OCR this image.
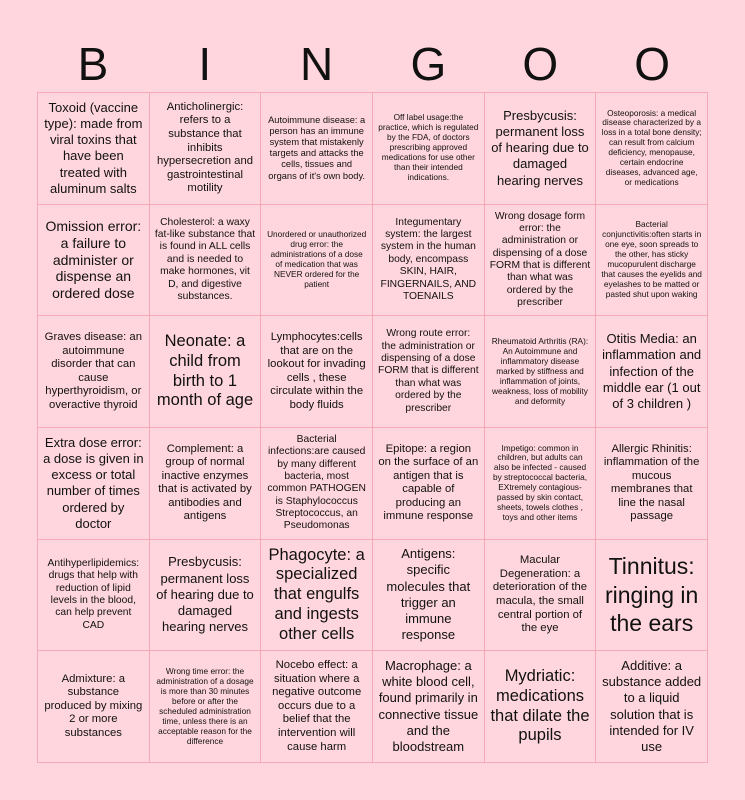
B	I	N	G	O	O
Toxoid (vaccine type): made from viral toxins that have been treated with aluminum salts
Anticholinergic: refers to a substance that inhibits hypersecretion and gastrointestinal motility
Autoimmune disease: a person has an immune system that mistakenly targets and attacks the cells, tissues and organs of it's own body.
Off label usage:the practice, which is regulated by the FDA, of doctors prescribing approved medications for use other than their intended indications.
Presbycusis: permanent loss of hearing due to damaged hearing nerves
Osteoporosis: a medical disease characterized by a loss in a total bone density; can result from calcium deficiency, menopause, certain endocrine diseases, advanced age, or medications
Omission error: a failure to administer or dispense an ordered dose
Cholesterol: a waxy fat-like substance that is found in ALL cells and is needed to make hormones, vit D, and digestive substances.
Unordered or unauthorized drug error: the administrations of a dose of medication that was NEVER ordered for the patient
Integumentary system: the largest system in the human body, encompass SKIN, HAIR, FINGERNAILS, AND TOENAILS
Wrong dosage form error: the administration or dispensing of a dose FORM that is different than what was ordered by the prescriber
Bacterial conjunctivitis:often starts in one eye, soon spreads to the other, has sticky mucopurulent discharge that causes the eyelids and eyelashes to be matted or pasted shut upon waking
Graves disease: an autoimmune disorder that can cause hyperthyroidism, or overactive thyroid
Neonate: a child from birth to 1 month of age
Lymphocytes:cells that are on the lookout for invading cells , these circulate within the body fluids
Wrong route error: the administration or dispensing of a dose FORM that is different than what was ordered by the prescriber
Rheumatoid Arthritis (RA): An Autoimmune and inflammatory disease marked by stiffness and inflammation of joints, weakness, loss of mobility and deformity
Otitis Media: an inflammation and infection of the middle ear (1 out of 3 children )
Extra dose error: a dose is given in excess or total number of times ordered by doctor
Complement: a group of normal inactive enzymes that is activated by antibodies and antigens
Bacterial infections:are caused by many different bacteria, most common PATHOGEN is Staphylococcus Streptococcus, an Pseudomonas
Epitope: a region on the surface of an antigen that is capable of producing an immune response
Impetigo: common in children, but adults can also be infected - caused by streptococcal bacteria, EXtremely contagious- passed by skin contact, sheets, towels clothes , toys and other items
Allergic Rhinitis: inflammation of the mucous membranes that line the nasal passage
Antihyperlipidemics: drugs that help with reduction of lipid levels in the blood, can help prevent CAD
Presbycusis: permanent loss of hearing due to damaged hearing nerves
Phagocyte: a specialized that engulfs and ingests other cells
Antigens: specific molecules that trigger an immune response
Macular Degeneration: a deterioration of the macula, the small central portion of the eye
Tinnitus: ringing in the ears
Admixture: a substance produced by mixing 2 or more substances
Wrong time error: the administration of a dosage is more than 30 minutes before or after the scheduled administration time, unless there is an acceptable reason for the difference
Nocebo effect: a situation where a negative outcome occurs due to a belief that the intervention will cause harm
Macrophage: a white blood cell, found primarily in connective tissue and the bloodstream
Mydriatic: medications that dilate the pupils
Additive: a substance added to a liquid solution that is intended for IV use
